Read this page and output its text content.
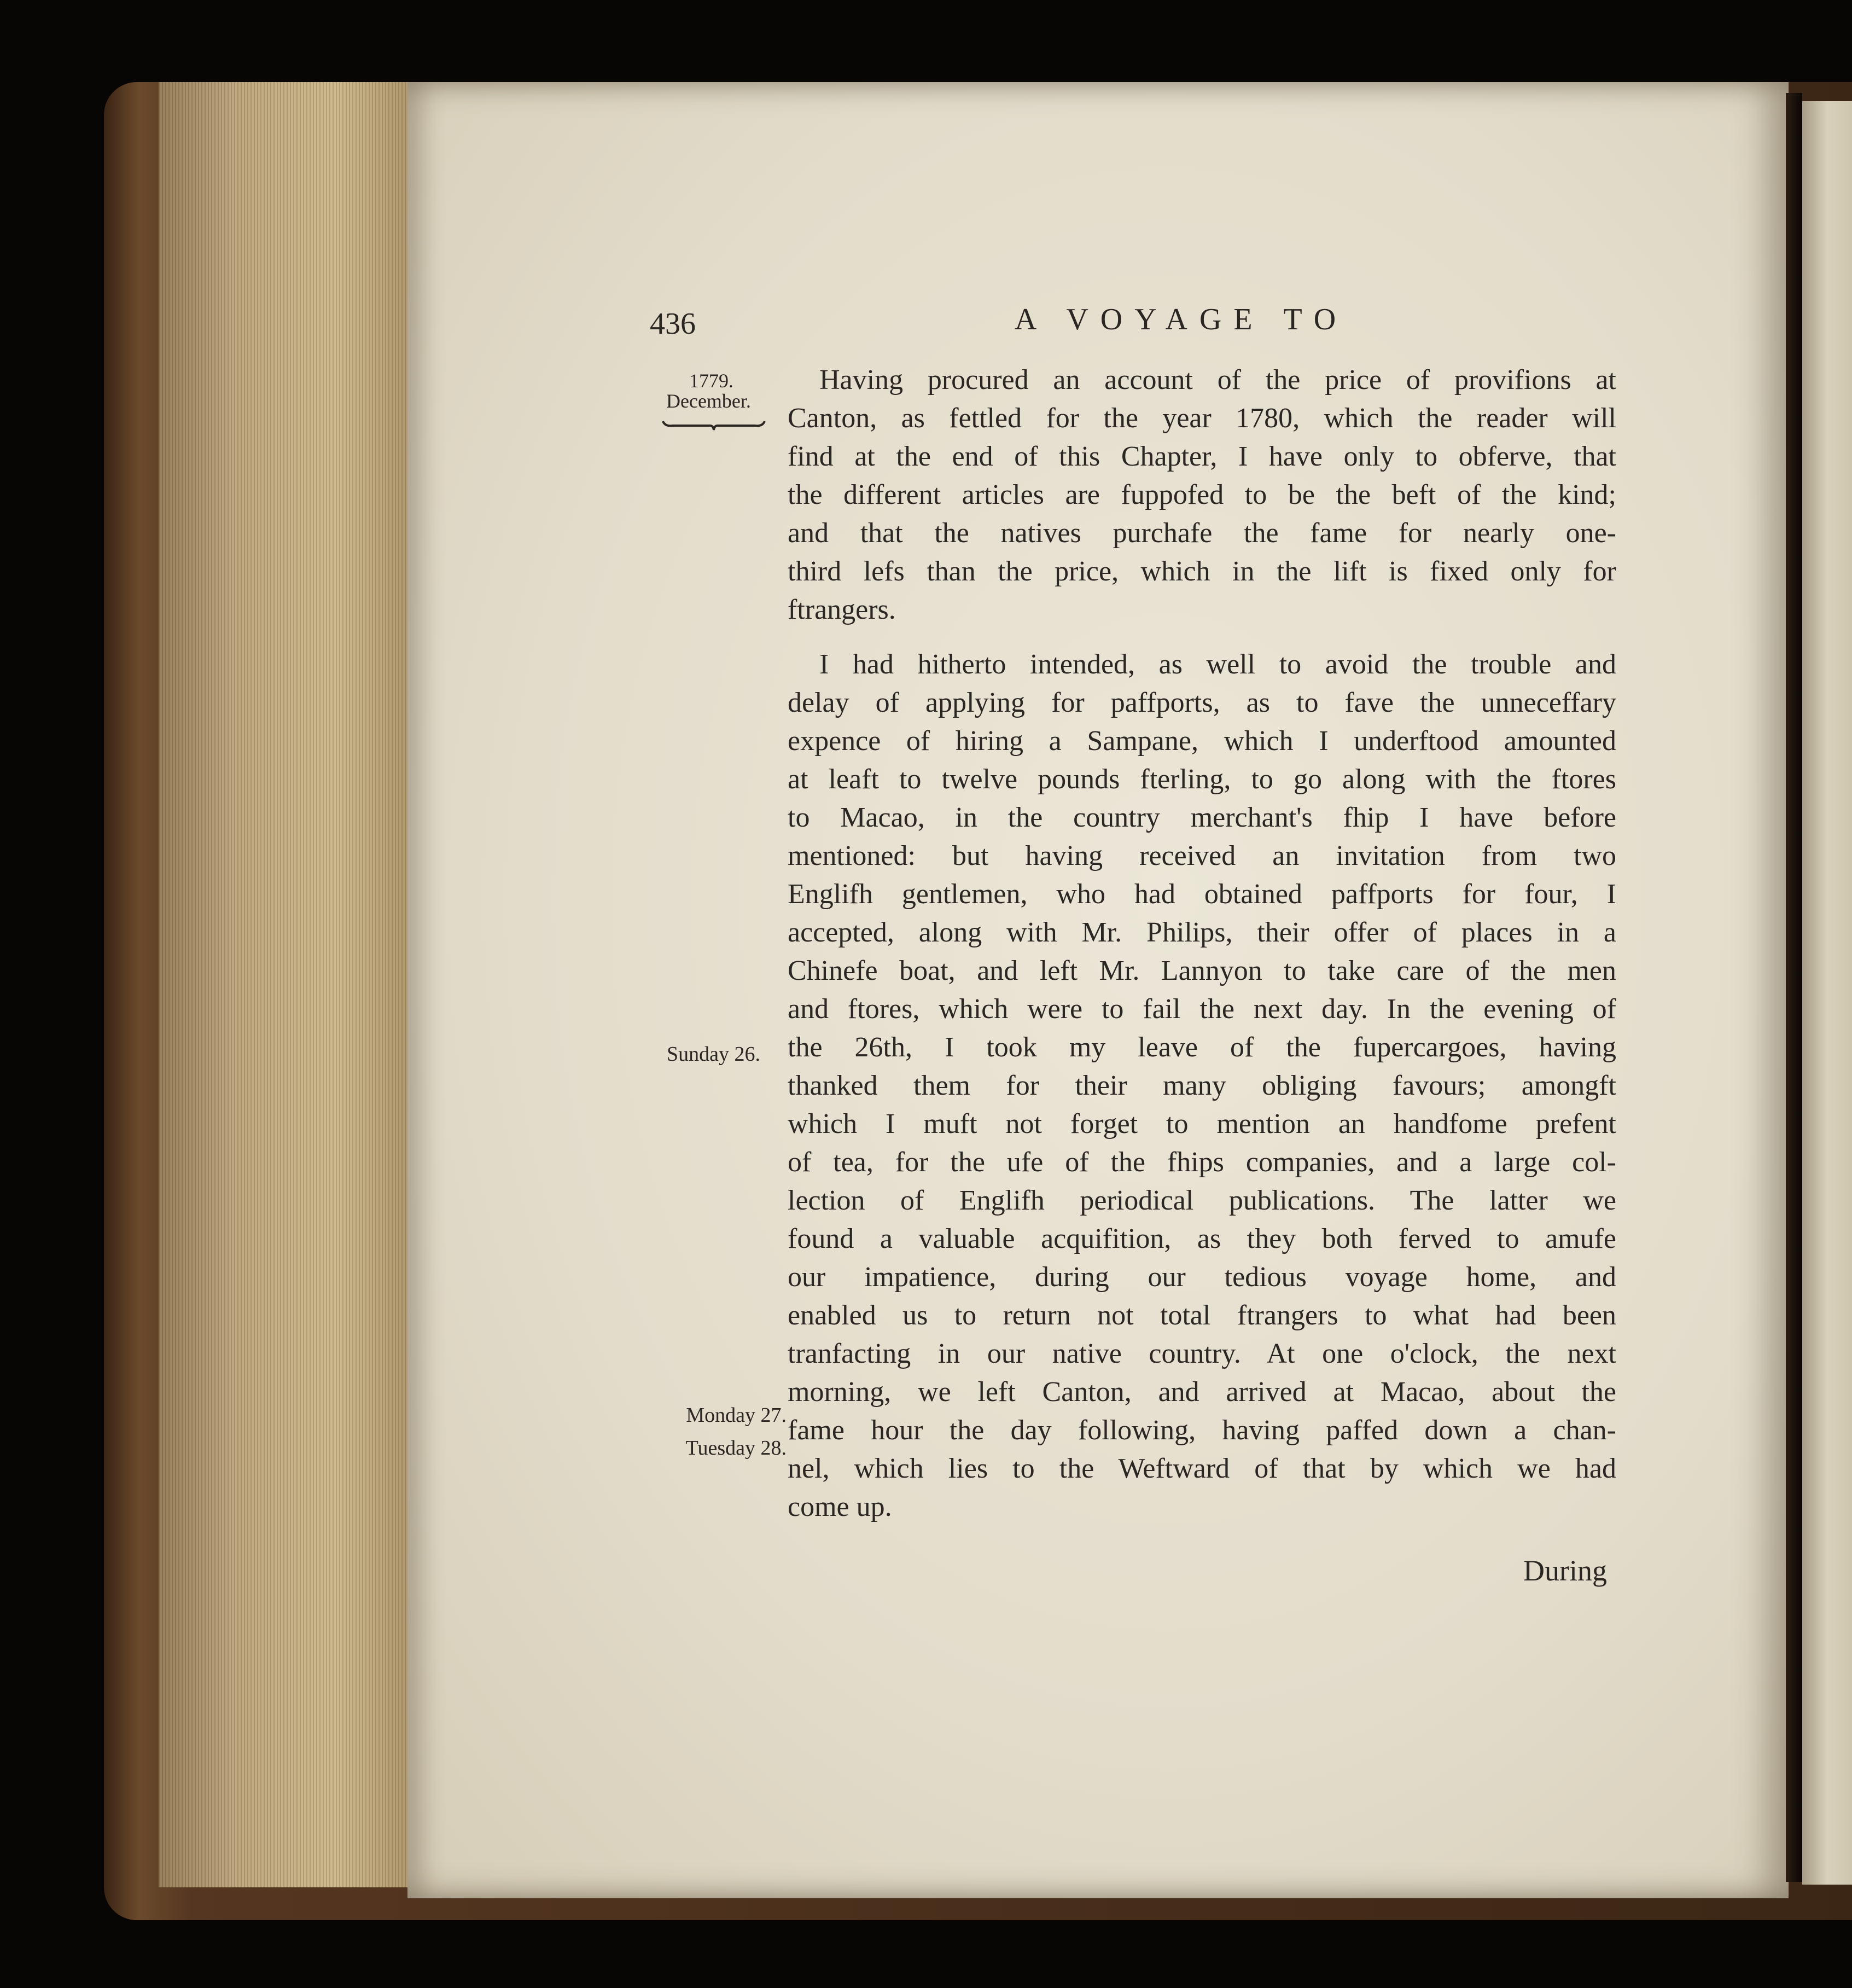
436	A VOYAGE TO
1779.
December.
Sunday 26.
Monday 27.
Tuesday 28.
Having procured an account of the price of provifions at
Canton, as fettled for the year 1780, which the reader will
find at the end of this Chapter, I have only to obferve, that
the different articles are fuppofed to be the beft of the kind;
and that the natives purchafe the fame for nearly one-
third lefs than the price, which in the lift is fixed only for
ftrangers.
I had hitherto intended, as well to avoid the trouble and
delay of applying for paffports, as to fave the unneceffary
expence of hiring a Sampane, which I underftood amounted
at leaft to twelve pounds fterling, to go along with the ftores
to Macao, in the country merchant's fhip I have before
mentioned: but having received an invitation from two
Englifh gentlemen, who had obtained paffports for four, I
accepted, along with Mr. Philips, their offer of places in a
Chinefe boat, and left Mr. Lannyon to take care of the men
and ftores, which were to fail the next day. In the evening of
the 26th, I took my leave of the fupercargoes, having
thanked them for their many obliging favours; amongft
which I muft not forget to mention an handfome prefent
of tea, for the ufe of the fhips companies, and a large col-
lection of Englifh periodical publications. The latter we
found a valuable acquifition, as they both ferved to amufe
our impatience, during our tedious voyage home, and
enabled us to return not total ftrangers to what had been
tranfacting in our native country. At one o'clock, the next
morning, we left Canton, and arrived at Macao, about the
fame hour the day following, having paffed down a chan-
nel, which lies to the Weftward of that by which we had
come up.
During
